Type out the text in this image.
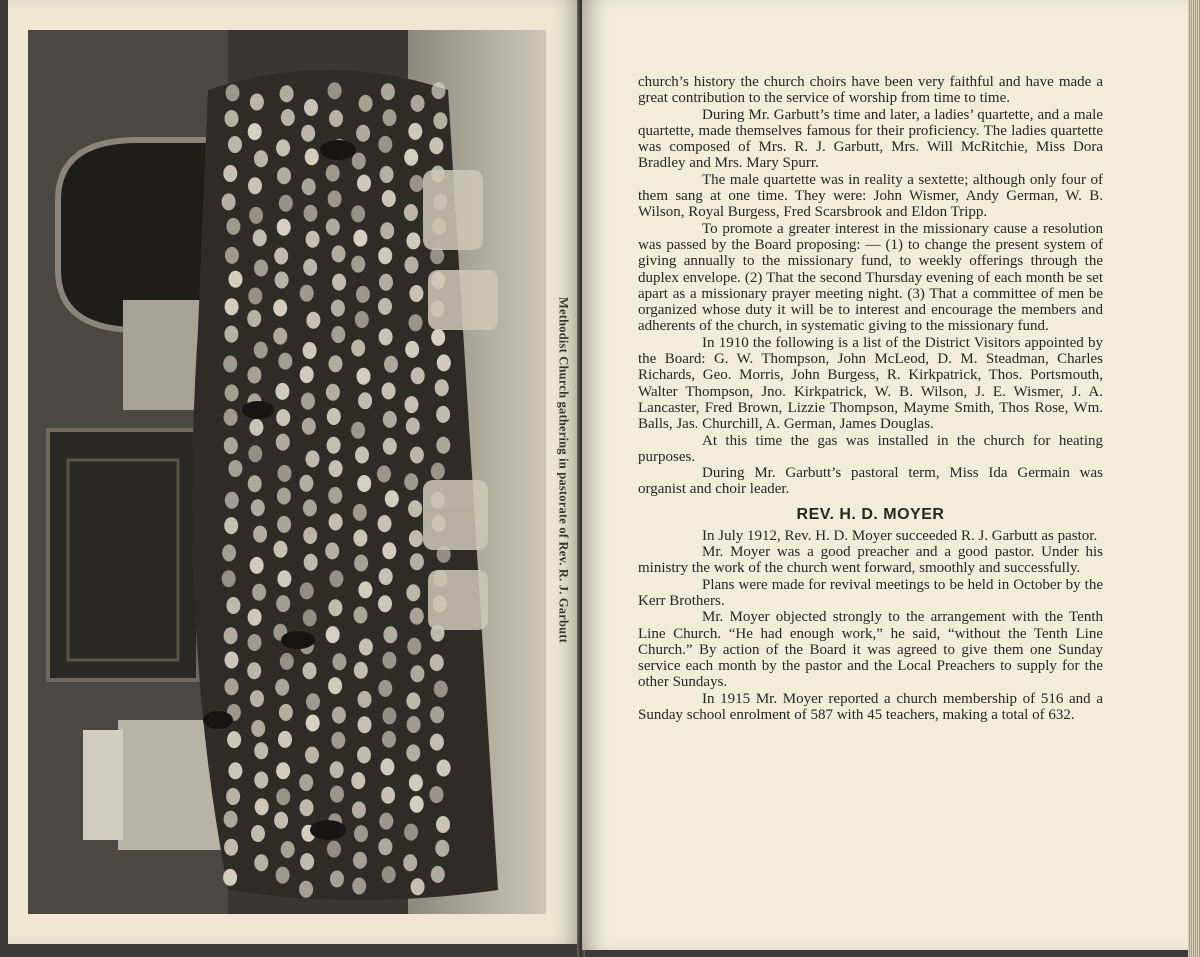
Methodist Church gathering in pastorate of Rev. R. J. Garbutt

church’s history the church choirs have been very faithful and have made a great contribution to the service of worship from time to time.

During Mr. Garbutt’s time and later, a ladies’ quartette, and a male quartette, made themselves famous for their proficiency. The ladies quartette was composed of Mrs. R. J. Garbutt, Mrs. Will McRitchie, Miss Dora Bradley and Mrs. Mary Spurr.

The male quartette was in reality a sextette; although only four of them sang at one time. They were: John Wismer, Andy German, W. B. Wilson, Royal Burgess, Fred Scarsbrook and Eldon Tripp.

To promote a greater interest in the missionary cause a resolution was passed by the Board proposing: — (1) to change the present system of giving annually to the missionary fund, to weekly offerings through the duplex envelope. (2) That the second Thursday evening of each month be set apart as a missionary prayer meeting night. (3) That a committee of men be organized whose duty it will be to interest and encourage the members and adherents of the church, in systematic giving to the missionary fund.

In 1910 the following is a list of the District Visitors appointed by the Board: G. W. Thompson, John McLeod, D. M. Steadman, Charles Richards, Geo. Morris, John Burgess, R. Kirkpatrick, Thos. Portsmouth, Walter Thompson, Jno. Kirkpatrick, W. B. Wilson, J. E. Wismer, J. A. Lancaster, Fred Brown, Lizzie Thompson, Mayme Smith, Thos Rose, Wm. Balls, Jas. Churchill, A. German, James Douglas.

At this time the gas was installed in the church for heating purposes.

During Mr. Garbutt’s pastoral term, Miss Ida Germain was organist and choir leader.

REV. H. D. MOYER

In July 1912, Rev. H. D. Moyer succeeded R. J. Garbutt as pastor.

Mr. Moyer was a good preacher and a good pastor. Under his ministry the work of the church went forward, smoothly and successfully.

Plans were made for revival meetings to be held in October by the Kerr Brothers.

Mr. Moyer objected strongly to the arrangement with the Tenth Line Church. “He had enough work,” he said, “without the Tenth Line Church.” By action of the Board it was agreed to give them one Sunday service each month by the pastor and the Local Preachers to supply for the other Sundays.

In 1915 Mr. Moyer reported a church membership of 516 and a Sunday school enrolment of 587 with 45 teachers, making a total of 632.
